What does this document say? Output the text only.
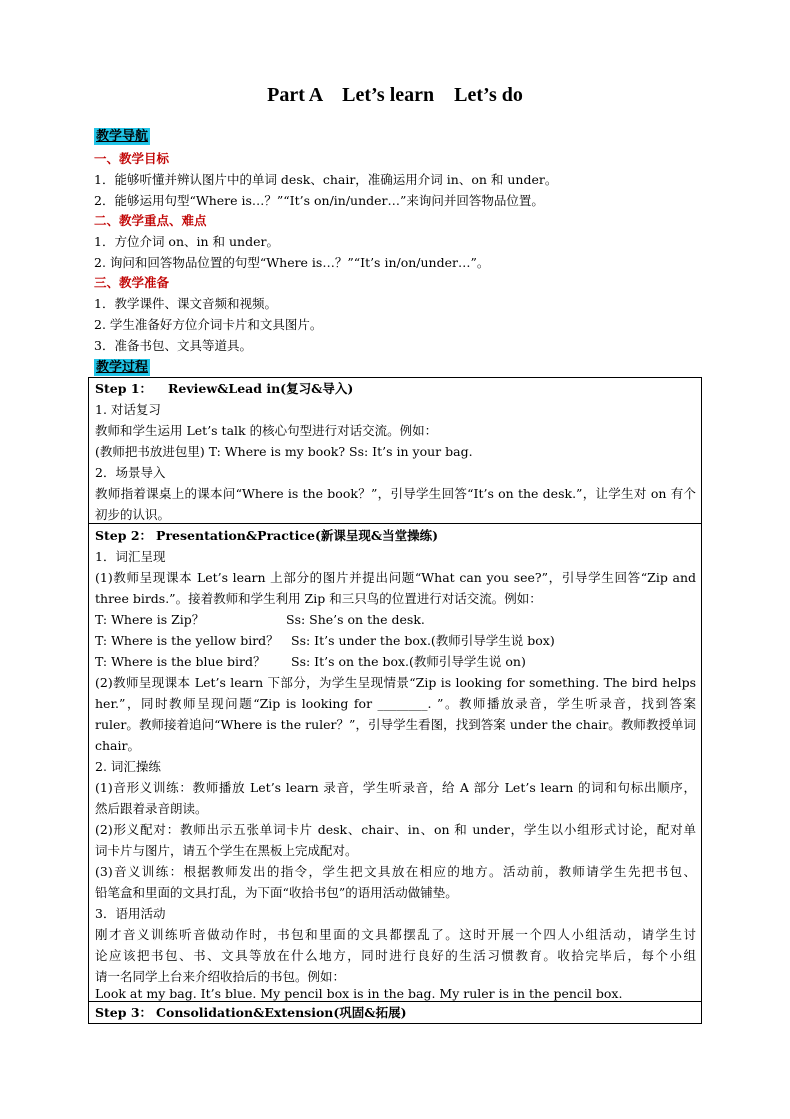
Part A    Let’s learn    Let’s do
教学导航
一、教学目标
1．能够听懂并辨认图片中的单词 desk、chair，准确运用介词 in、on 和 under。
2．能够运用句型“Where is…？”“It’s on/in/under…”来询问并回答物品位置。
二、教学重点、难点
1．方位介词 on、in 和 under。
2. 询问和回答物品位置的句型“Where is…？”“It’s in/on/under…”。
三、教学准备
1．教学课件、课文音频和视频。
2. 学生准备好方位介词卡片和文具图片。
3．准备书包、文具等道具。
教学过程
Step 1： Review&Lead in(复习&导入)
1. 对话复习
教师和学生运用 Let’s talk 的核心句型进行对话交流。例如：
(教师把书放进包里) T: Where is my book? Ss: It’s in your bag.
2．场景导入
教师指着课桌上的课本问“Where is the book？”，引导学生回答“It’s on the desk.”，让学生对 on 有个
初步的认识。
Step 2： Presentation&Practice(新课呈现&当堂操练)
1．词汇呈现
(1)教师呈现课本 Let’s learn 上部分的图片并提出问题“What can you see?”，引导学生回答“Zip and
three birds.”。接着教师和学生利用 Zip 和三只鸟的位置进行对话交流。例如：
T: Where is Zip？	Ss: She’s on the desk.
T: Where is the yellow bird？ Ss: It’s under the box.(教师引导学生说 box)
T: Where is the blue bird？ Ss: It’s on the box.(教师引导学生说 on)
(2)教师呈现课本 Let’s learn 下部分，为学生呈现情景“Zip is looking for something. The bird helps
her.”，同时教师呈现问题“Zip is looking for ________. ”。教师播放录音，学生听录音，找到答案
ruler。教师接着追问“Where is the ruler？”，引导学生看图，找到答案 under the chair。教师教授单词
chair。
2. 词汇操练
(1)音形义训练：教师播放 Let’s learn 录音，学生听录音，给 A 部分 Let’s learn 的词和句标出顺序，
然后跟着录音朗读。
(2)形义配对：教师出示五张单词卡片 desk、chair、in、on 和 under，学生以小组形式讨论，配对单
词卡片与图片，请五个学生在黑板上完成配对。
(3)音义训练：根据教师发出的指令，学生把文具放在相应的地方。活动前，教师请学生先把书包、
铅笔盒和里面的文具打乱，为下面“收拾书包”的语用活动做铺垫。
3．语用活动
刚才音义训练听音做动作时，书包和里面的文具都摆乱了。这时开展一个四人小组活动，请学生讨
论应该把书包、书、文具等放在什么地方，同时进行良好的生活习惯教育。收拾完毕后，每个小组
请一名同学上台来介绍收拾后的书包。例如：
Look at my bag. It’s blue. My pencil box is in the bag. My ruler is in the pencil box.
Step 3： Consolidation&Extension(巩固&拓展)
